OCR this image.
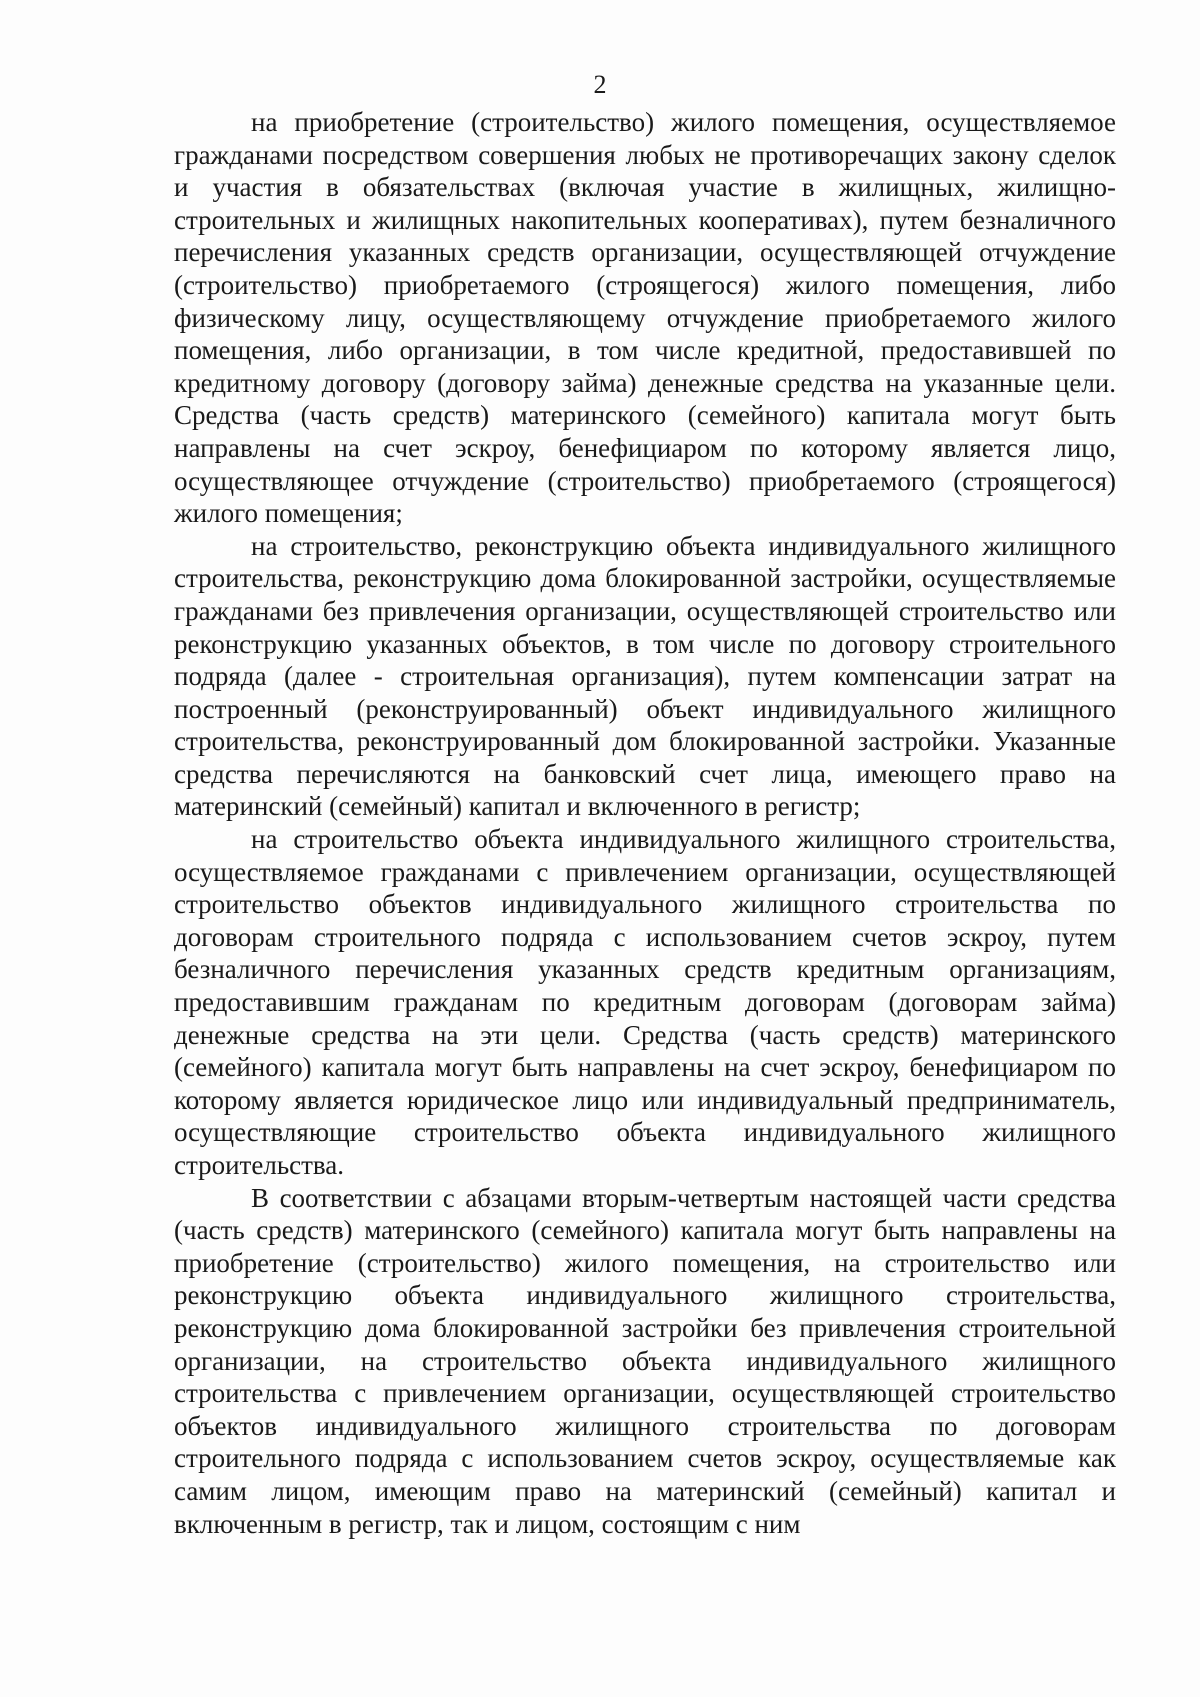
2

на приобретение (строительство) жилого помещения, осуществляемое гражданами посредством совершения любых не противоречащих закону сделок и участия в обязательствах (включая участие в жилищных, жилищно-строительных и жилищных накопительных кооперативах), путем безналичного перечисления указанных средств организации, осуществляющей отчуждение (строительство) приобретаемого (строящегося) жилого помещения, либо физическому лицу, осуществляющему отчуждение приобретаемого жилого помещения, либо организации, в том числе кредитной, предоставившей по кредитному договору (договору займа) денежные средства на указанные цели. Средства (часть средств) материнского (семейного) капитала могут быть направлены на счет эскроу, бенефициаром по которому является лицо, осуществляющее отчуждение (строительство) приобретаемого (строящегося) жилого помещения;

на строительство, реконструкцию объекта индивидуального жилищного строительства, реконструкцию дома блокированной застройки, осуществляемые гражданами без привлечения организации, осуществляющей строительство или реконструкцию указанных объектов, в том числе по договору строительного подряда (далее - строительная организация), путем компенсации затрат на построенный (реконструированный) объект индивидуального жилищного строительства, реконструированный дом блокированной застройки. Указанные средства перечисляются на банковский счет лица, имеющего право на материнский (семейный) капитал и включенного в регистр;

на строительство объекта индивидуального жилищного строительства, осуществляемое гражданами с привлечением организации, осуществляющей строительство объектов индивидуального жилищного строительства по договорам строительного подряда с использованием счетов эскроу, путем безналичного перечисления указанных средств кредитным организациям, предоставившим гражданам по кредитным договорам (договорам займа) денежные средства на эти цели. Средства (часть средств) материнского (семейного) капитала могут быть направлены на счет эскроу, бенефициаром по которому является юридическое лицо или индивидуальный предприниматель, осуществляющие строительство объекта индивидуального жилищного строительства.

В соответствии с абзацами вторым-четвертым настоящей части средства (часть средств) материнского (семейного) капитала могут быть направлены на приобретение (строительство) жилого помещения, на строительство или реконструкцию объекта индивидуального жилищного строительства, реконструкцию дома блокированной застройки без привлечения строительной организации, на строительство объекта индивидуального жилищного строительства с привлечением организации, осуществляющей строительство объектов индивидуального жилищного строительства по договорам строительного подряда с использованием счетов эскроу, осуществляемые как самим лицом, имеющим право на материнский (семейный) капитал и включенным в регистр, так и лицом, состоящим с ним
